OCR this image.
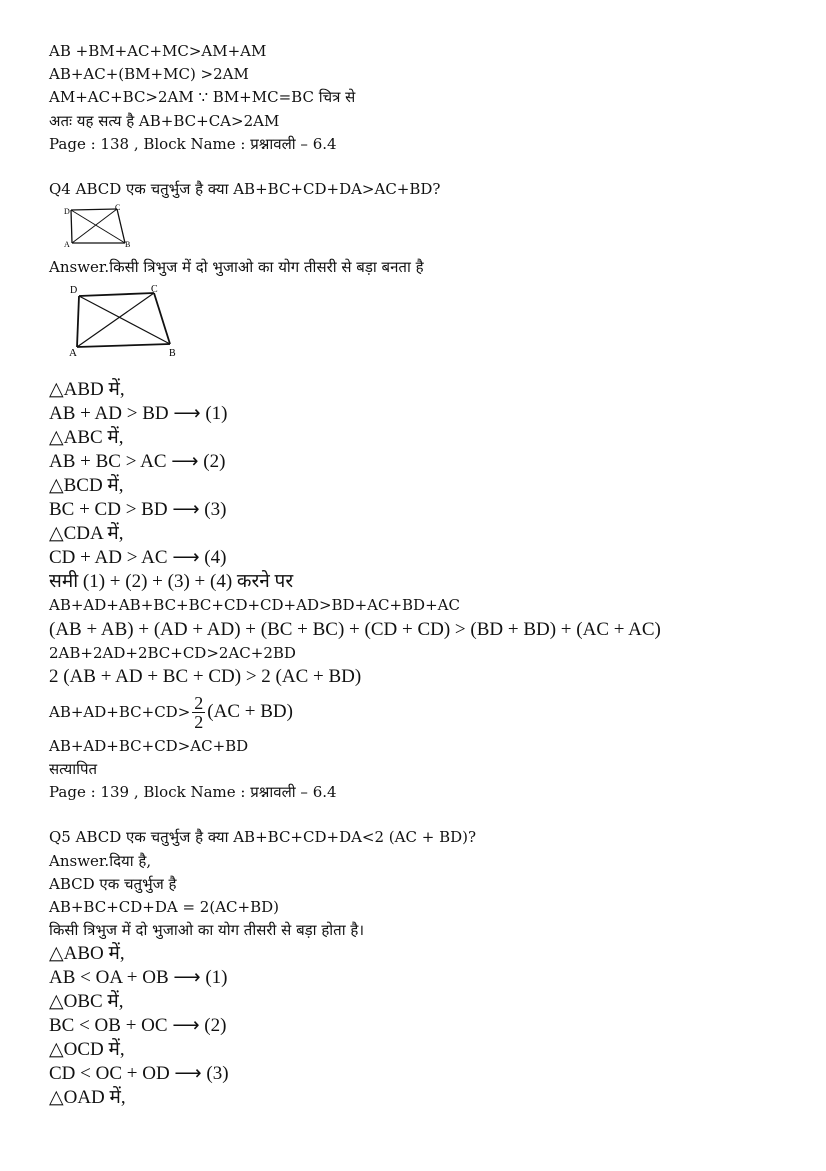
AB +BM+AC+MC>AM+AM
AB+AC+(BM+MC) >2AM
AM+AC+BC>2AM ∵ BM+MC=BC चित्र से
अतः यह सत्य है AB+BC+CA>2AM
Page : 138 , Block Name : प्रश्नावली – 6.4
Q4 ABCD एक चतुर्भुज है क्या AB+BC+CD+DA>AC+BD?
D	C
A	B
Answer.किसी त्रिभुज में दो भुजाओ का योग तीसरी से बड़ा बनता है
D	C
A	B
△ABD में,
AB + AD > BD ⟶ (1)
△ABC में,
AB + BC > AC ⟶ (2)
△BCD में,
BC + CD > BD ⟶ (3)
△CDA में,
CD + AD > AC ⟶ (4)
समी (1) + (2) + (3) + (4) करने पर
AB+AD+AB+BC+BC+CD+CD+AD>BD+AC+BD+AC
(AB + AB) + (AD + AD) + (BC + BC) + (CD + CD) > (BD + BD) + (AC + AC)
2AB+2AD+2BC+CD>2AC+2BD
2 (AB + AD + BC + CD) > 2 (AC + BD)
$AB+AD+BC+CD> \frac{2}{2} (AC + BD)$
AB+AD+BC+CD>AC+BD
सत्यापित
Page : 139 , Block Name : प्रश्नावली – 6.4
Q5 ABCD एक चतुर्भुज है क्या AB+BC+CD+DA<2 (AC + BD)?
Answer.दिया है,
ABCD एक चतुर्भुज है
AB+BC+CD+DA = 2(AC+BD)
किसी त्रिभुज में दो भुजाओ का योग तीसरी से बड़ा होता है।
△ABO में,
AB < OA + OB ⟶ (1)
△OBC में,
BC < OB + OC ⟶ (2)
△OCD में,
CD < OC + OD ⟶ (3)
△OAD में,
